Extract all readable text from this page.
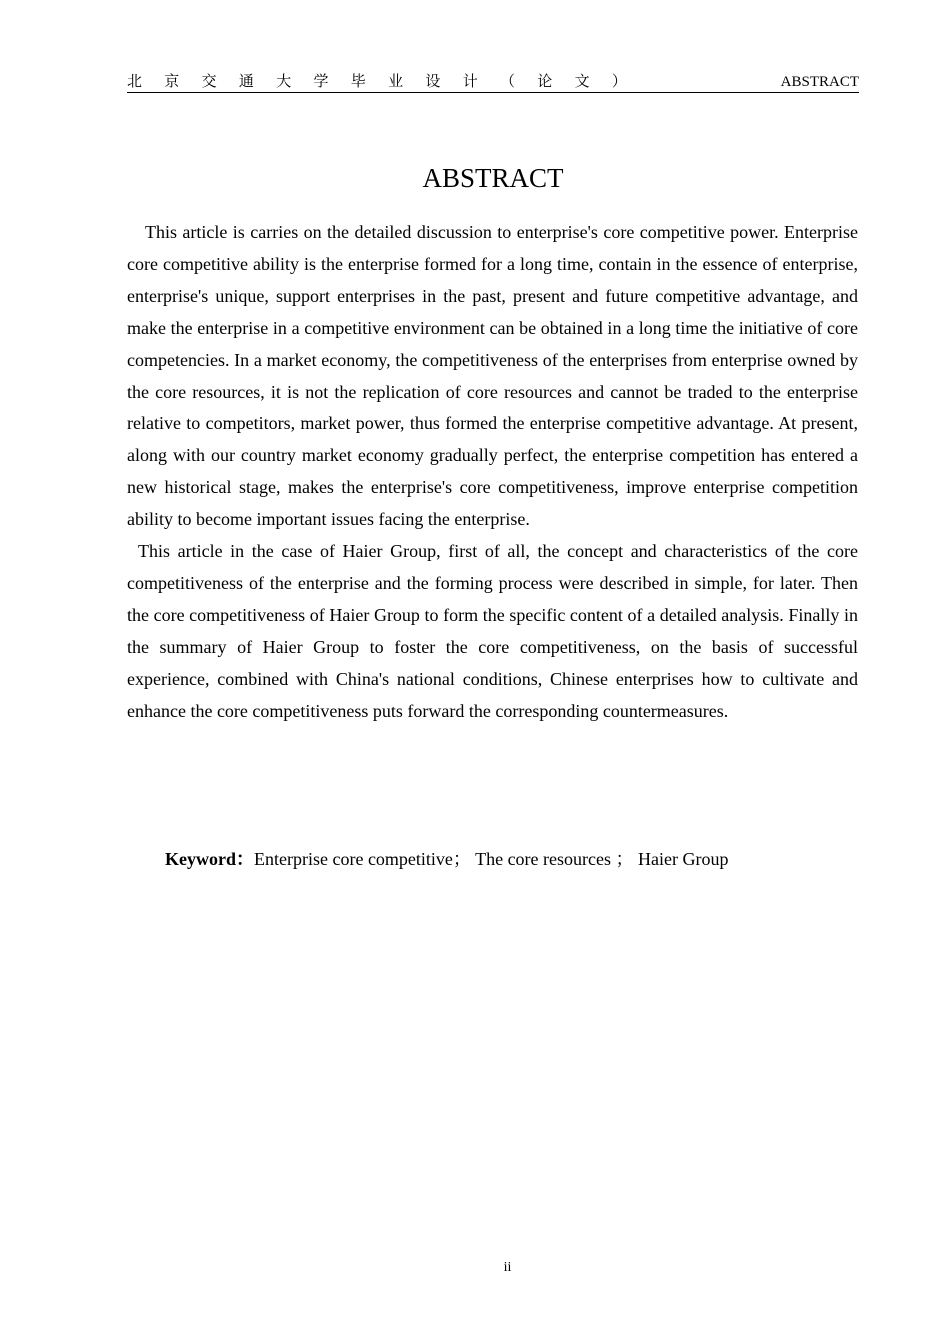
北京交通大学毕业设计（论文）	ABSTRACT
ABSTRACT

This article is carries on the detailed discussion to enterprise's core competitive power. Enterprise core competitive ability is the enterprise formed for a long time, contain in the essence of enterprise, enterprise's unique, support enterprises in the past, present and future competitive advantage, and make the enterprise in a competitive environment can be obtained in a long time the initiative of core competencies. In a market economy, the competitiveness of the enterprises from enterprise owned by the core resources, it is not the replication of core resources and cannot be traded to the enterprise relative to competitors, market power, thus formed the enterprise competitive advantage. At present, along with our country market economy gradually perfect, the enterprise competition has entered a new historical stage, makes the enterprise's core competitiveness, improve enterprise competition ability to become important issues facing the enterprise.

This article in the case of Haier Group, first of all, the concept and characteristics of the core competitiveness of the enterprise and the forming process were described in simple, for later. Then the core competitiveness of Haier Group to form the specific content of a detailed analysis. Finally in the summary of Haier Group to foster the core competitiveness, on the basis of successful experience, combined with China's national conditions, Chinese enterprises how to cultivate and enhance the core competitiveness puts forward the corresponding countermeasures.

Keyword：Enterprise core competitive； The core resources ； Haier Group
ii
